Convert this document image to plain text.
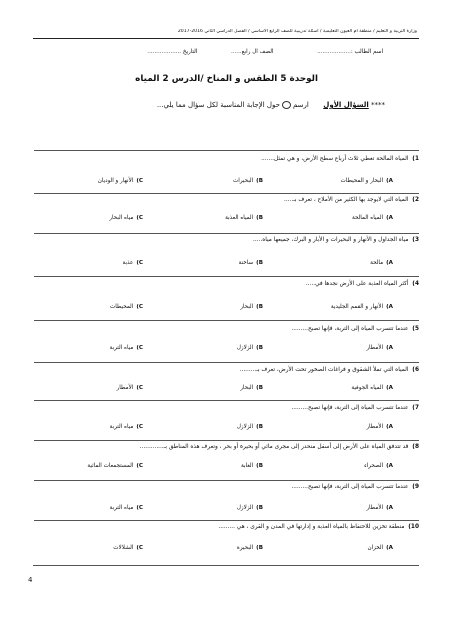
وزارة التربية و التعليم / منطقة أم العيون التعليمية / أسئلة تدريبية للصف الرابع الأساسي / الفصل الدراسي الثاني 2016-2017
اسم الطالب :...................  الصف ال رابع......  التاريخ ...................
الوحدة 5 الطقس و المناخ /الدرس 2 المياه
**** السؤال الأول  ارسمحول الإجابة المناسبة لكل سؤال مما يلي...
1) المياه المالحة تغطي ثلاث أرباع سطح الأرض، و هي تمثل.......
A)البحار و المحيطات
B)البحيرات
C)الأنهار و الوديان
2) المياه التي لايوجد بها الكثير من الأملاح ، تعرف بـ.....
A)المياه المالحة
B)المياه العذبة
C)مياه البحار
3) مياه الجداول و الأنهار و البحيرات و الأبار و البرك، جميعها مياه.....
A)مالحة
B)ساخنة
C)عذبة
4) أكثر المياه العذبة على الأرض نجدها في.....
A)الأنهار و القمم الجليدية
B)البحار
C)المحيطات
5) عندما تتسرب المياه إلى التربة، فإنها تصبح.........
A)الأمطار
B)الزلازل
C)مياه التربة
6) المياه التي تملأ الشقوق و فراغات الصخور تحت الأرض، تعرف بـ.........
A)المياه الجوفية
B)البحار
C)الأمطار
7) عندما تتسرب المياه إلى التربة، فإنها تصبح.........
A)الأمطار
B)الزلازل
C)مياه التربة
8) قد تتدفق المياه على الأرض إلى أسفل منحدر إلى مجرى مائي أو بحيرة أو بحر ، وتعرف هذه المناطق بـ.............
A)الصحراء
B)الغابة
C)المستجمعات المائية
9) عندما تتسرب المياه إلى التربة، فإنها تصبح.........
A)الأمطار
B)الزلازل
C)مياه التربة
10) منطقة تخزين للاحتفاظ بالمياه العذبة و إدارتها في المدن و القرى ، هي .........
A)الخزان
B)البحيرة
C)الشلالات
4
